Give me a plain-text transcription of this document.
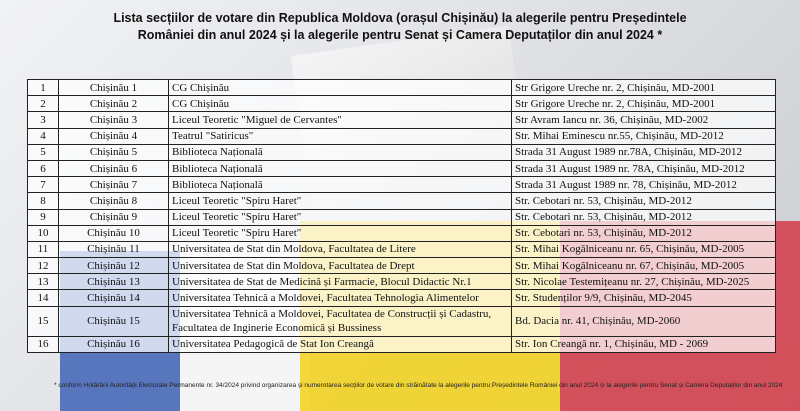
Lista secțiilor de votare din Republica Moldova (orașul Chișinău) la alegerile pentru Președintele
României din anul 2024 și la alegerile pentru Senat și Camera Deputaților din anul 2024 *
1	Chișinău 1	CG Chișinău	Str Grigore Ureche nr. 2, Chișinău, MD-2001
2	Chișinău 2	CG Chișinău	Str Grigore Ureche nr. 2, Chișinău, MD-2001
3	Chișinău 3	Liceul Teoretic "Miguel de Cervantes"	Str Avram Iancu nr. 36, Chișinău, MD-2002
4	Chișinău 4	Teatrul "Satiricus"	Str. Mihai Eminescu nr.55, Chișinău, MD-2012
5	Chișinău 5	Biblioteca Națională	Strada 31 August 1989 nr.78A, Chișinău, MD-2012
6	Chișinău 6	Biblioteca Națională	Strada 31 August 1989 nr. 78A, Chișinău, MD-2012
7	Chișinău 7	Biblioteca Națională	Strada 31 August 1989 nr. 78, Chișinău, MD-2012
8	Chișinău 8	Liceul Teoretic "Spiru Haret"	Str. Cebotari nr. 53, Chișinău, MD-2012
9	Chișinău 9	Liceul Teoretic "Spiru Haret"	Str. Cebotari nr. 53, Chișinău, MD-2012
10	Chișinău 10	Liceul Teoretic "Spiru Haret"	Str. Cebotari nr. 53, Chișinău, MD-2012
11	Chișinău 11	Universitatea de Stat din Moldova, Facultatea de Litere	Str. Mihai Kogălniceanu nr. 65, Chișinău, MD-2005
12	Chișinău 12	Universitatea de Stat din Moldova, Facultatea de Drept	Str. Mihai Kogălniceanu nr. 67, Chișinău, MD-2005
13	Chișinău 13	Universitatea de Stat de Medicină și Farmacie, Blocul Didactic Nr.1	Str. Nicolae Testemițeanu nr. 27, Chișinău, MD-2025
14	Chișinău 14	Universitatea Tehnică a Moldovei, Facultatea Tehnologia Alimentelor	Str. Studenților 9/9, Chișinău, MD-2045
15	Chișinău 15	Universitatea Tehnică a Moldovei, Facultatea de Construcții și Cadastru, Facultatea de Inginerie Economică și Bussiness	Bd. Dacia nr. 41, Chișinău, MD-2060
16	Chișinău 16	Universitatea Pedagogică de Stat Ion Creangă	Str. Ion Creangă nr. 1, Chișinău, MD - 2069
* conform Hotărârii Autorității Electorale Permanente nr. 34/2024 privind organizarea și numerotarea secțiilor de votare din străinătate la alegerile pentru Președintele României din anul 2024 și la alegerile pentru Senat și Camera Deputaților din anul 2024
